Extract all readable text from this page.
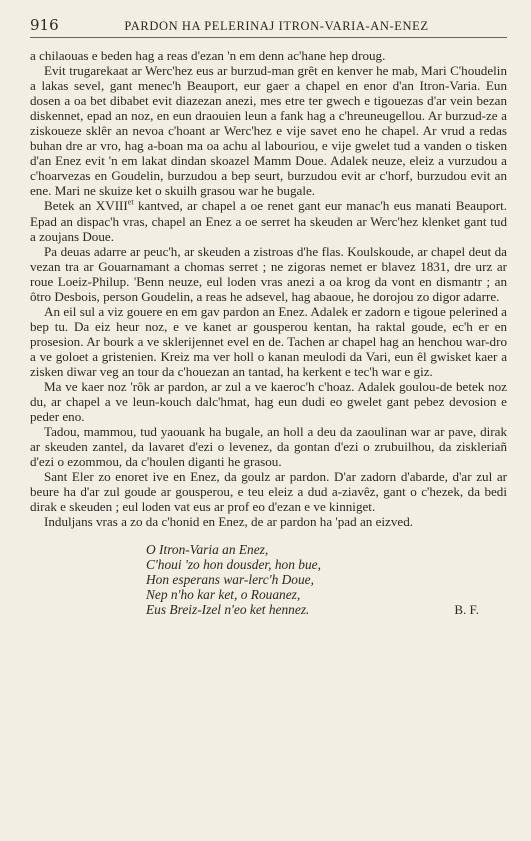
916	PARDON HA PELERINAJ ITRON-VARIA-AN-ENEZ

a chilaouas e beden hag a reas d'ezan 'n em denn ac'hane hep droug.

Evit trugarekaat ar Werc'hez eus ar burzud-man grêt en kenver he mab, Mari C'houdelin a lakas sevel, gant menec'h Beauport, eur gaer a chapel en enor d'an Itron-Varia. Eun dosen a oa bet dibabet evit diazezan anezi, mes etre ter gwech e tigouezas d'ar vein bezan diskennet, epad an noz, en eun draouien leun a fank hag a c'hreuneugellou. Ar burzud-ze a ziskoueze sklêr an nevoa c'hoant ar Werc'hez e vije savet eno he chapel. Ar vrud a redas buhan dre ar vro, hag a-boan ma oa achu al labouriou, e vije gwelet tud a vanden o tisken d'an Enez evit 'n em lakat dindan skoazel Mamm Doue. Adalek neuze, eleiz a vurzudou a c'hoarvezas en Goudelin, burzudou a bep seurt, burzudou evit ar c'horf, burzudou evit an ene. Mari ne skuize ket o skuilh grasou war he bugale.

Betek an $XVIII^{et}$ kantved, ar chapel a oe renet gant eur manac'h eus manati Beauport. Epad an dispac'h vras, chapel an Enez a oe serret ha skeuden ar Werc'hez klenket gant tud a zoujans Doue.

Pa deuas adarre ar peuc'h, ar skeuden a zistroas d'he flas. Koulskoude, ar chapel deut da vezan tra ar Gouarnamant a chomas serret ; ne zigoras nemet er blavez 1831, dre urz ar roue Loeiz-Philup. 'Benn neuze, eul loden vras anezi a oa krog da vont en dismantr ; an ôtro Desbois, person Goudelin, a reas he adsevel, hag abaoue, he dorojou zo digor adarre.

An eil sul a viz gouere en em gav pardon an Enez. Adalek er zadorn e tigoue pelerined a bep tu. Da eiz heur noz, e ve kanet ar gousperou kentan, ha raktal goude, ec'h er en prosesion. Ar bourk a ve sklerijennet evel en de. Tachen ar chapel hag an henchou war-dro a ve goloet a gristenien. Kreiz ma ver holl o kanan meulodi da Vari, eun êl gwisket kaer a zisken diwar veg an tour da c'houezan an tantad, ha kerkent e tec'h war e giz.

Ma ve kaer noz 'rôk ar pardon, ar zul a ve kaeroc'h c'hoaz. Adalek goulou-de betek noz du, ar chapel a ve leun-kouch dalc'hmat, hag eun dudi eo gwelet gant pebez devosion e peder eno.

Tadou, mammou, tud yaouank ha bugale, an holl a deu da zaoulinan war ar pave, dirak ar skeuden zantel, da lavaret d'ezi o levenez, da gontan d'ezi o zrubuilhou, da ziskleriañ d'ezi o ezommou, da c'houlen diganti he grasou.

Sant Eler zo enoret ive en Enez, da goulz ar pardon. D'ar zadorn d'abarde, d'ar zul ar beure ha d'ar zul goude ar gousperou, e teu eleiz a dud a-ziavêz, gant o c'hezek, da bedi dirak e skeuden ; eul loden vat eus ar prof eo d'ezan e ve kinniget.

Induljans vras a zo da c'honid en Enez, de ar pardon ha 'pad an eizved.

O Itron-Varia an Enez,
C'houi 'zo hon dousder, hon bue,
Hon esperans war-lerc'h Doue,
Nep n'ho kar ket, o Rouanez,
Eus Breiz-Izel n'eo ket hennez.	B. F.
